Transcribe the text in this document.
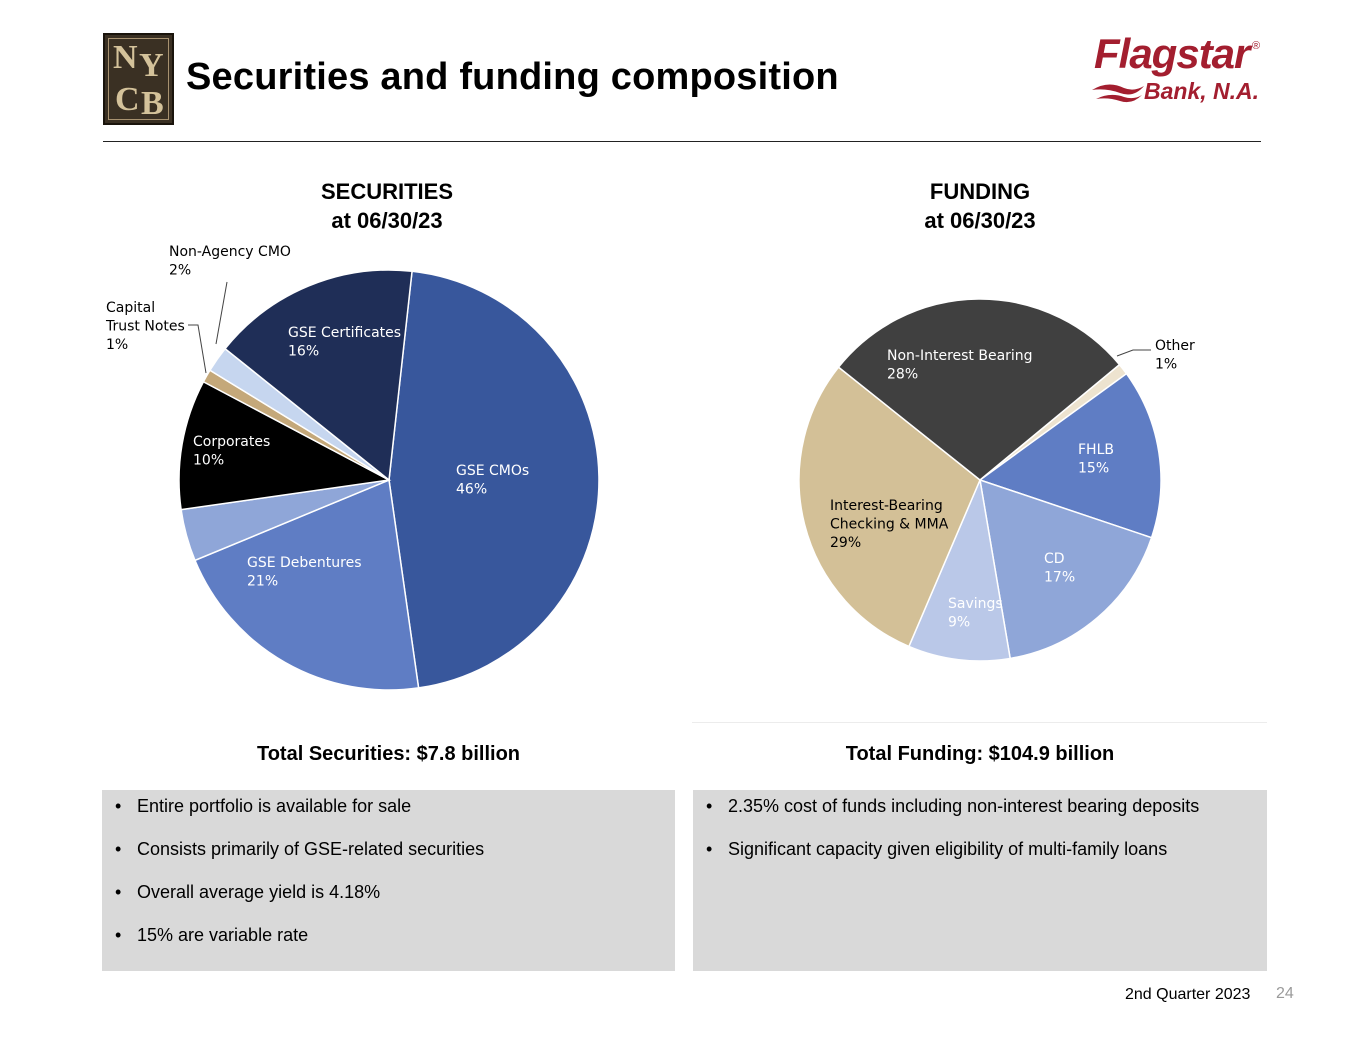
N Y
C B
Securities and funding composition	Flagstar ®
Bank, N.A.
SECURITIES
at 06/30/23
FUNDING
at 06/30/23
GSE CMOs 46%
GSE Debentures 21%
Corporates 10%
Capital Trust Notes 1%
Non-Agency CMO 2%
GSE Certificates 16%	Other 1%
FHLB 15%
CD 17%
Savings 9%
Interest-Bearing Checking & MMA 29%
Non-Interest Bearing 28%
Total Securities: $7.8 billion	Total Funding: $104.9 billion
• Entire portfolio is available for sale
• Consists primarily of GSE-related securities
• Overall average yield is 4.18%
• 15% are variable rate
• 2.35% cost of funds including non-interest bearing deposits
• Significant capacity given eligibility of multi-family loans
2nd Quarter 2023 24
